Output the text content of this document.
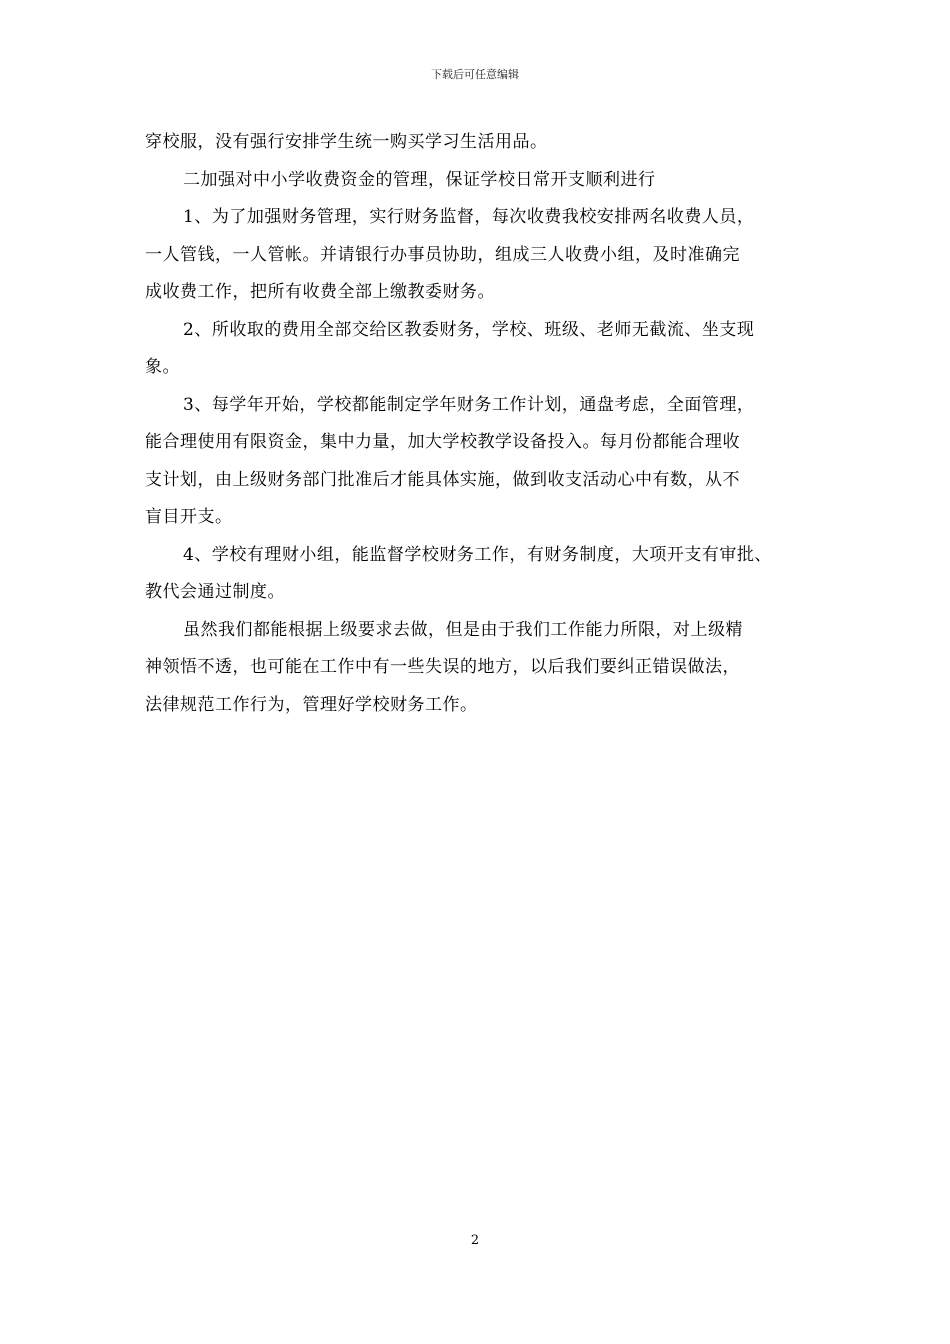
下载后可任意编辑
穿校服，没有强行安排学生统一购买学习生活用品。
二加强对中小学收费资金的管理，保证学校日常开支顺利进行
1、为了加强财务管理，实行财务监督，每次收费我校安排两名收费人员，
一人管钱，一人管帐。并请银行办事员协助，组成三人收费小组，及时准确完
成收费工作，把所有收费全部上缴教委财务。
2、所收取的费用全部交给区教委财务，学校、班级、老师无截流、坐支现
象。
3、每学年开始，学校都能制定学年财务工作计划，通盘考虑，全面管理，
能合理使用有限资金，集中力量，加大学校教学设备投入。每月份都能合理收
支计划，由上级财务部门批准后才能具体实施，做到收支活动心中有数，从不
盲目开支。
4、学校有理财小组，能监督学校财务工作，有财务制度，大项开支有审批、
教代会通过制度。
虽然我们都能根据上级要求去做，但是由于我们工作能力所限，对上级精
神领悟不透，也可能在工作中有一些失误的地方，以后我们要纠正错误做法，
法律规范工作行为，管理好学校财务工作。
2
